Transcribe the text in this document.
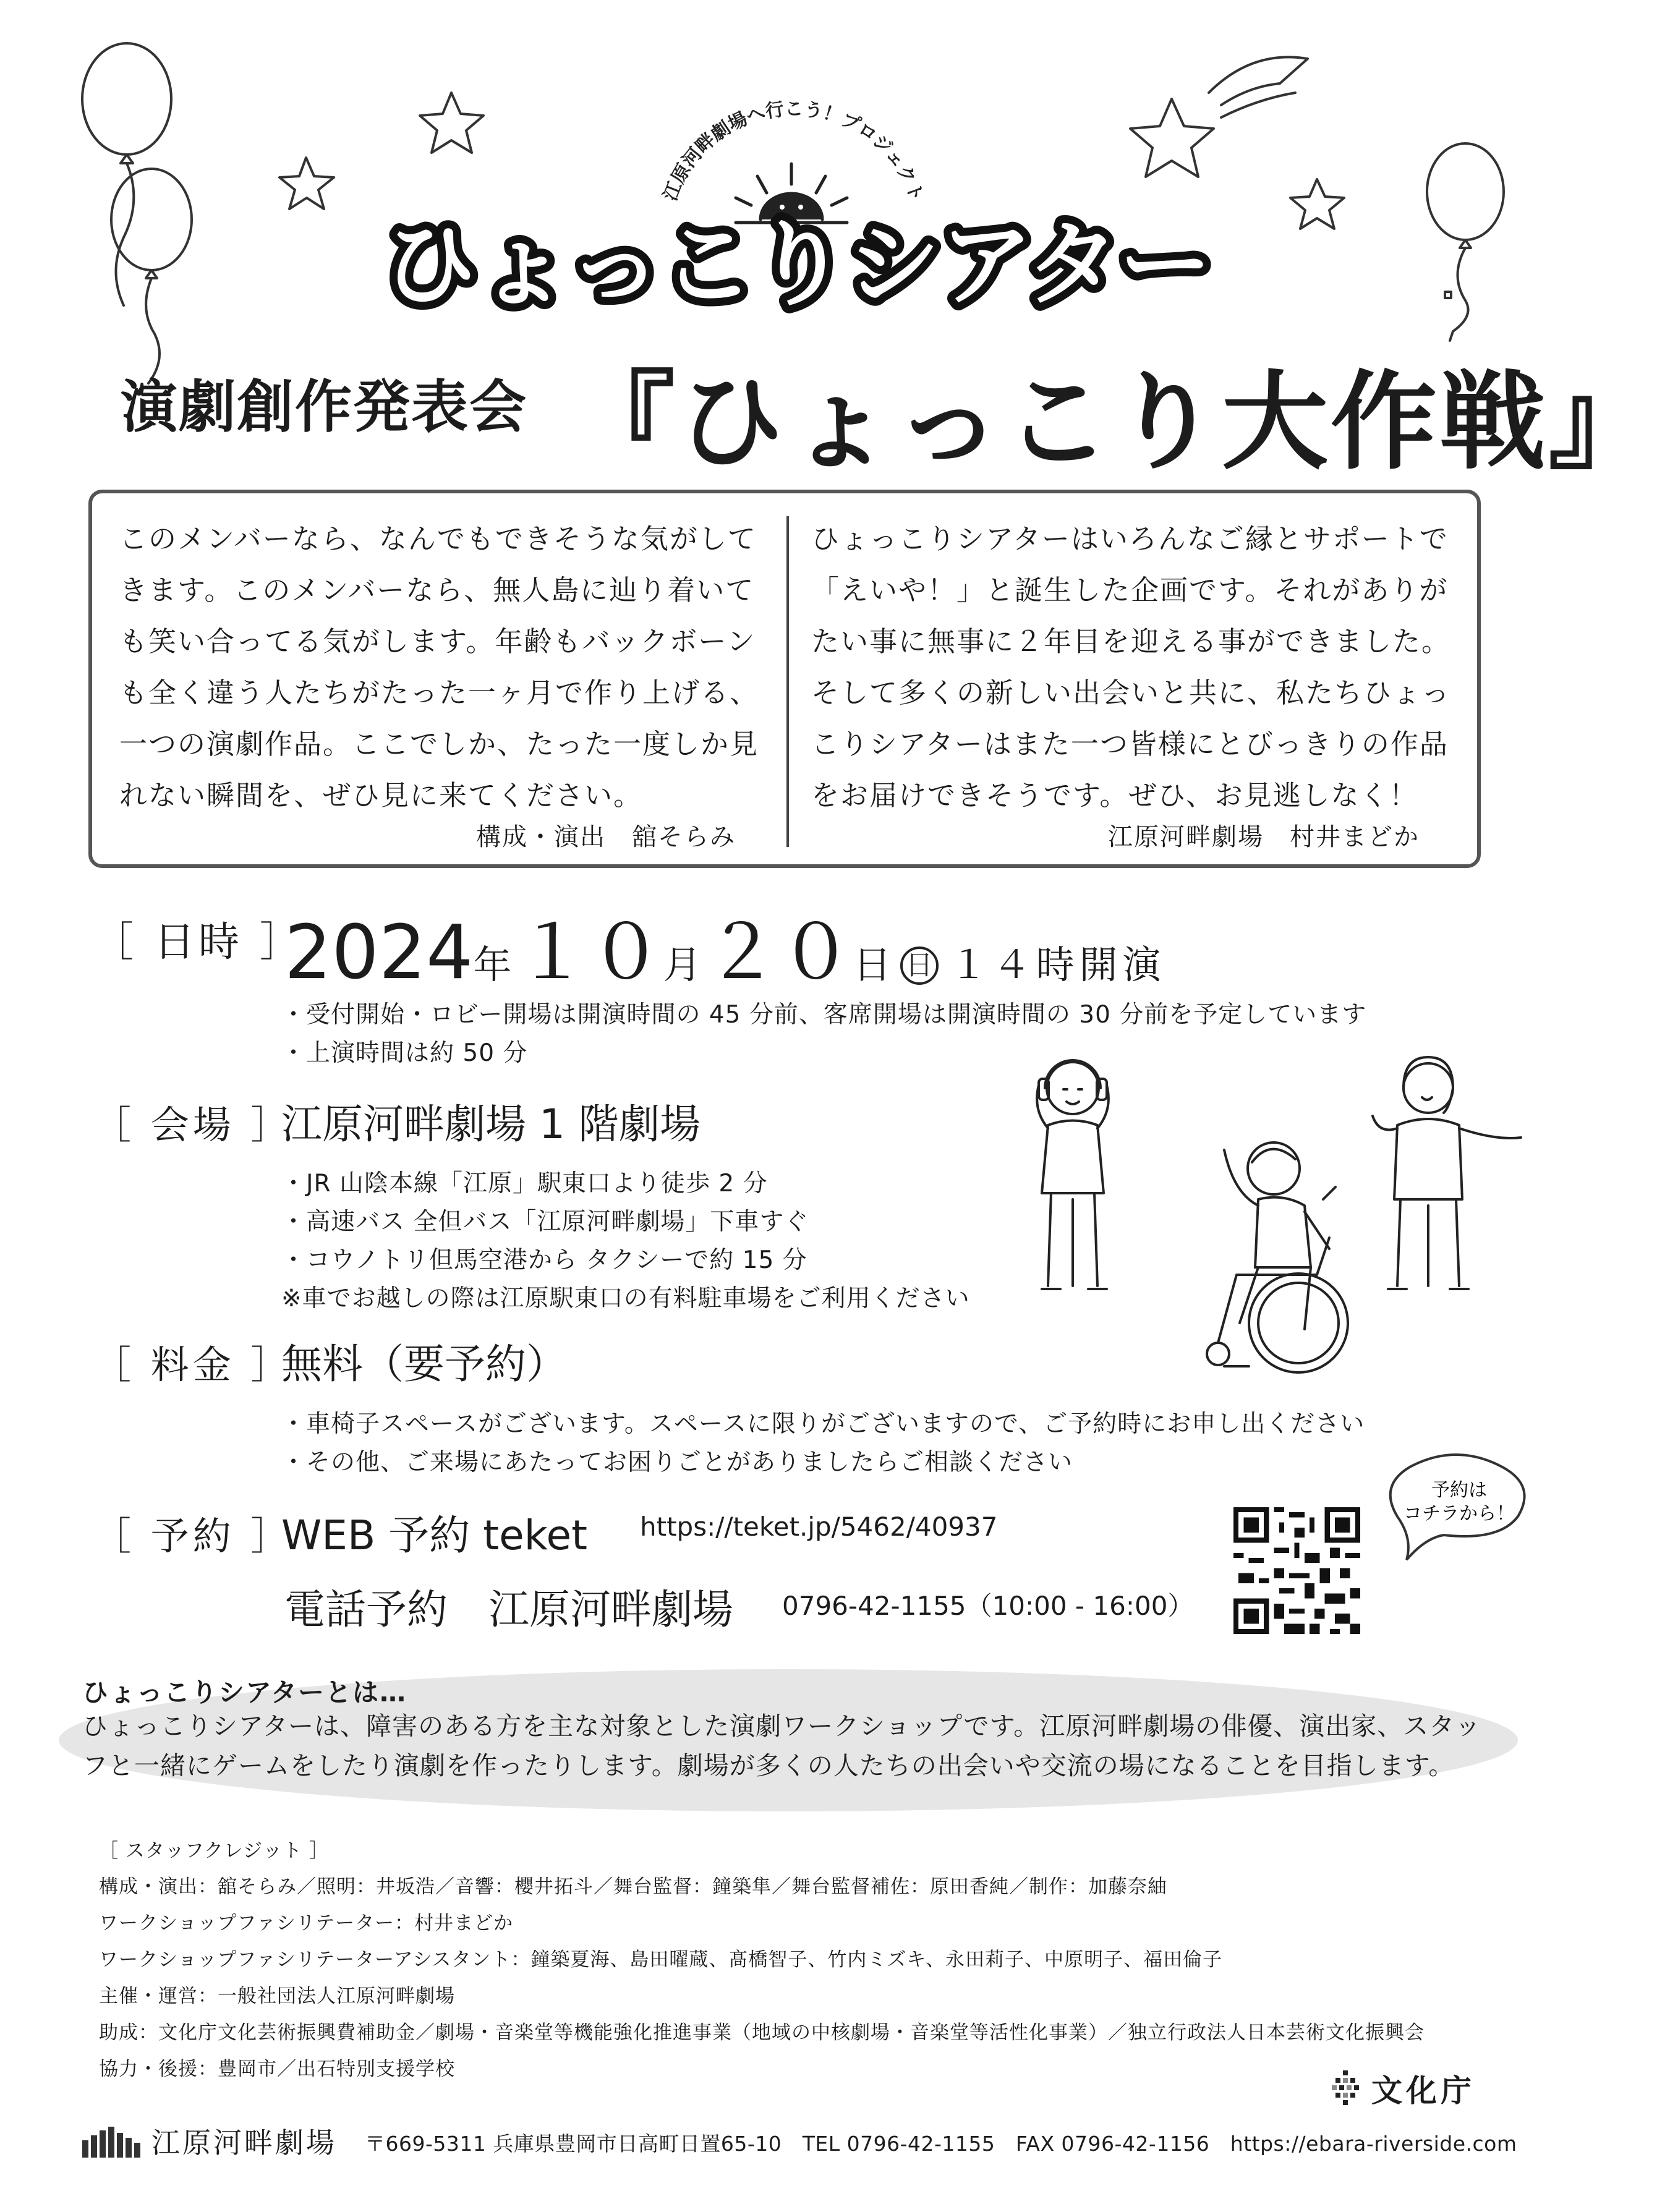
江原河畔劇場へ行こう！プロジェクト
ひょっこりシアター
演劇創作発表会 『ひょっこり大作戦』
このメンバーなら、なんでもできそうな気がして
きます。このメンバーなら、無人島に辿り着いて
も笑い合ってる気がします。年齢もバックボーン
も全く違う人たちがたった一ヶ月で作り上げる、
一つの演劇作品。ここでしか、たった一度しか見
れない瞬間を、ぜひ見に来てください。
構成・演出　舘そらみ
ひょっこりシアターはいろんなご縁とサポートで
「えいや！」と誕生した企画です。それがありが
たい事に無事に２年目を迎える事ができました。
そして多くの新しい出会いと共に、私たちひょっ
こりシアターはまた一つ皆様にとびっきりの作品
をお届けできそうです。ぜひ、お見逃しなく！
江原河畔劇場　村井まどか
［ 日時 ］
2024年 １０月 ２０日 日 １４時開演
・受付開始・ロビー開場は開演時間の 45 分前、客席開場は開演時間の 30 分前を予定しています
・上演時間は約 50 分
［ 会場 ］
江原河畔劇場 1 階劇場
・JR 山陰本線「江原」駅東口より徒歩 2 分
・高速バス 全但バス「江原河畔劇場」下車すぐ
・コウノトリ但馬空港から タクシーで約 15 分
※車でお越しの際は江原駅東口の有料駐車場をご利用ください
［ 料金 ］
無料（要予約）
・車椅子スペースがございます。スペースに限りがございますので、ご予約時にお申し出ください
・その他、ご来場にあたってお困りごとがありましたらご相談ください
［ 予約 ］
WEB 予約 teket https://teket.jp/5462/40937
電話予約　江原河畔劇場 0796-42-1155（10:00 - 16:00）
予約は
コチラから！
ひょっこりシアターとは…
ひょっこりシアターは、障害のある方を主な対象とした演劇ワークショップです。江原河畔劇場の俳優、演出家、スタッ
フと一緒にゲームをしたり演劇を作ったりします。劇場が多くの人たちの出会いや交流の場になることを目指します。
［ スタッフクレジット ］
構成・演出：舘そらみ／照明：井坂浩／音響：櫻井拓斗／舞台監督：鐘築隼／舞台監督補佐：原田香純／制作：加藤奈紬
ワークショップファシリテーター：村井まどか
ワークショップファシリテーターアシスタント：鐘築夏海、島田曜蔵、髙橋智子、竹内ミズキ、永田莉子、中原明子、福田倫子
主催・運営：一般社団法人江原河畔劇場
助成：文化庁文化芸術振興費補助金／劇場・音楽堂等機能強化推進事業（地域の中核劇場・音楽堂等活性化事業）／独立行政法人日本芸術文化振興会
協力・後援：豊岡市／出石特別支援学校
文化庁
江原河畔劇場 〒669-5311 兵庫県豊岡市日高町日置65-10　TEL 0796-42-1155　FAX 0796-42-1156　https://ebara-riverside.com
